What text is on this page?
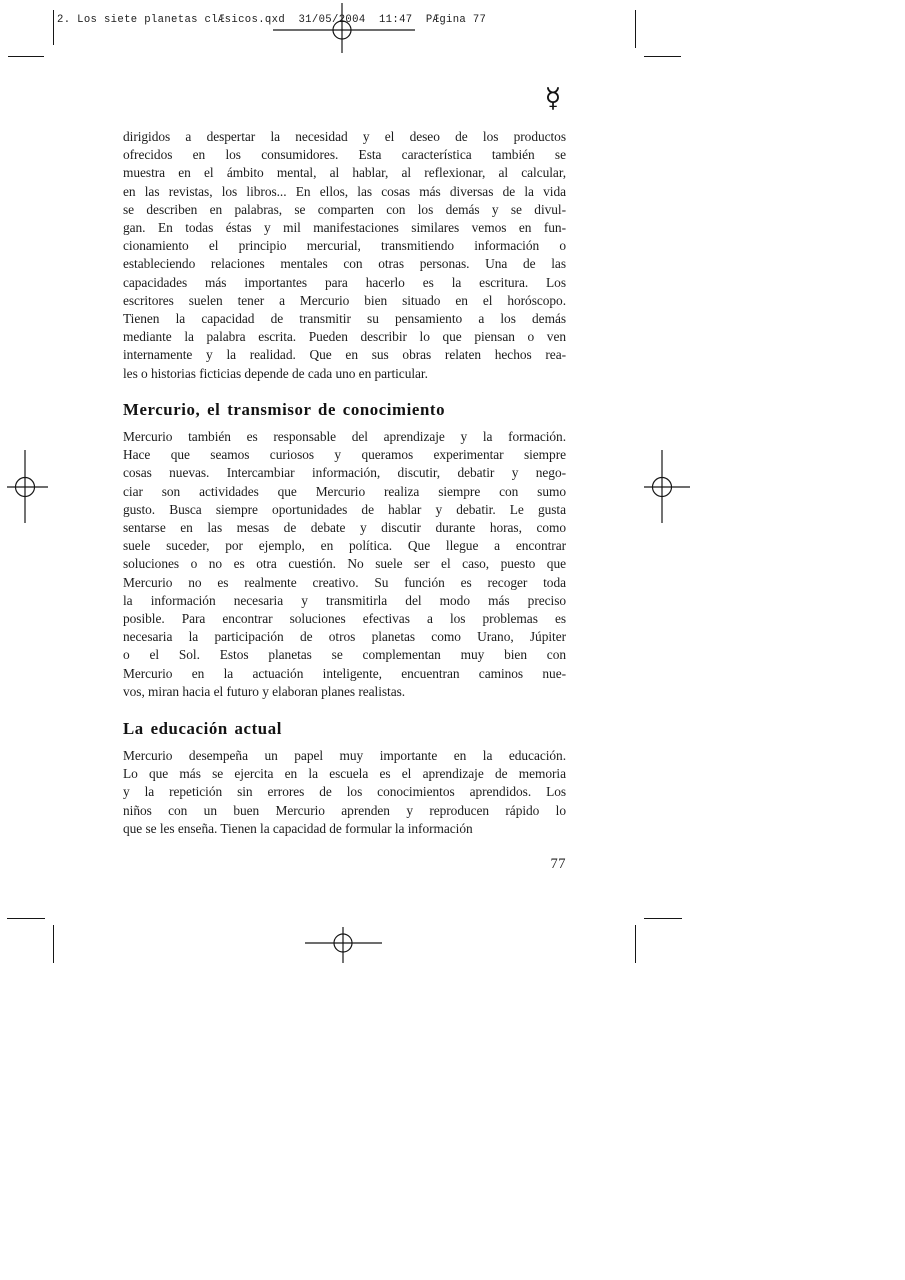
2. Los siete planetas clÆsicos.qxd  31/05/2004  11:47  PÆgina 77
☿
dirigidos a despertar la necesidad y el deseo de los productos
ofrecidos en los consumidores. Esta característica también se
muestra en el ámbito mental, al hablar, al reflexionar, al calcular,
en las revistas, los libros... En ellos, las cosas más diversas de la vida
se describen en palabras, se comparten con los demás y se divul-
gan. En todas éstas y mil manifestaciones similares vemos en fun-
cionamiento el principio mercurial, transmitiendo información o
estableciendo relaciones mentales con otras personas. Una de las
capacidades más importantes para hacerlo es la escritura. Los
escritores suelen tener a Mercurio bien situado en el horóscopo.
Tienen la capacidad de transmitir su pensamiento a los demás
mediante la palabra escrita. Pueden describir lo que piensan o ven
internamente y la realidad. Que en sus obras relaten hechos rea-
les o historias ficticias depende de cada uno en particular.
Mercurio, el transmisor de conocimiento
Mercurio también es responsable del aprendizaje y la formación.
Hace que seamos curiosos y queramos experimentar siempre
cosas nuevas. Intercambiar información, discutir, debatir y nego-
ciar son actividades que Mercurio realiza siempre con sumo
gusto. Busca siempre oportunidades de hablar y debatir. Le gusta
sentarse en las mesas de debate y discutir durante horas, como
suele suceder, por ejemplo, en política. Que llegue a encontrar
soluciones o no es otra cuestión. No suele ser el caso, puesto que
Mercurio no es realmente creativo. Su función es recoger toda
la información necesaria y transmitirla del modo más preciso
posible. Para encontrar soluciones efectivas a los problemas es
necesaria la participación de otros planetas como Urano, Júpiter
o el Sol. Estos planetas se complementan muy bien con
Mercurio en la actuación inteligente, encuentran caminos nue-
vos, miran hacia el futuro y elaboran planes realistas.
La educación actual
Mercurio desempeña un papel muy importante en la educación.
Lo que más se ejercita en la escuela es el aprendizaje de memoria
y la repetición sin errores de los conocimientos aprendidos. Los
niños con un buen Mercurio aprenden y reproducen rápido lo
que se les enseña. Tienen la capacidad de formular la información
77
